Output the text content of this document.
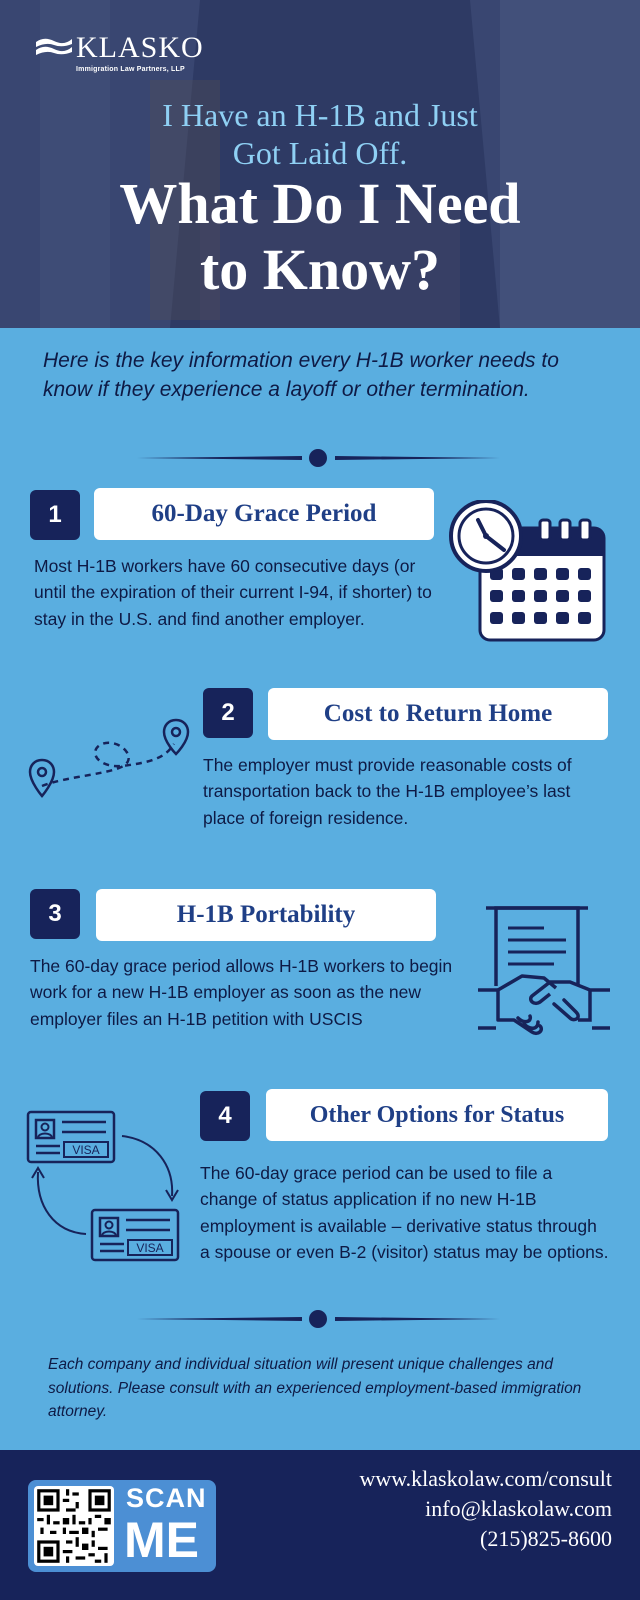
KLASKO
Immigration Law Partners, LLP
I Have an H-1B and Just
Got Laid Off.
What Do I Need
to Know?
Here is the key information every H-1B worker needs to know if they experience a layoff or other termination.
1	60-Day Grace Period
Most H-1B workers have 60 consecutive days (or until the expiration of their current I-94, if shorter) to stay in the U.S. and find another employer.
2	Cost to Return Home
The employer must provide reasonable costs of transportation back to the H-1B employee’s last place of foreign residence.
3	H-1B Portability
The 60-day grace period allows H-1B workers to begin work for a new H-1B employer as soon as the new employer files an H-1B petition with USCIS
VISA
VISA
4	Other Options for Status
The 60-day grace period can be used to file a change of status application if no new H-1B employment is available – derivative status through a spouse or even B-2 (visitor) status may be options.
Each company and individual situation will present unique challenges and solutions. Please consult with an experienced employment-based immigration attorney.
SCAN
ME
www.klaskolaw.com/consult
info@klaskolaw.com
(215)825-8600
